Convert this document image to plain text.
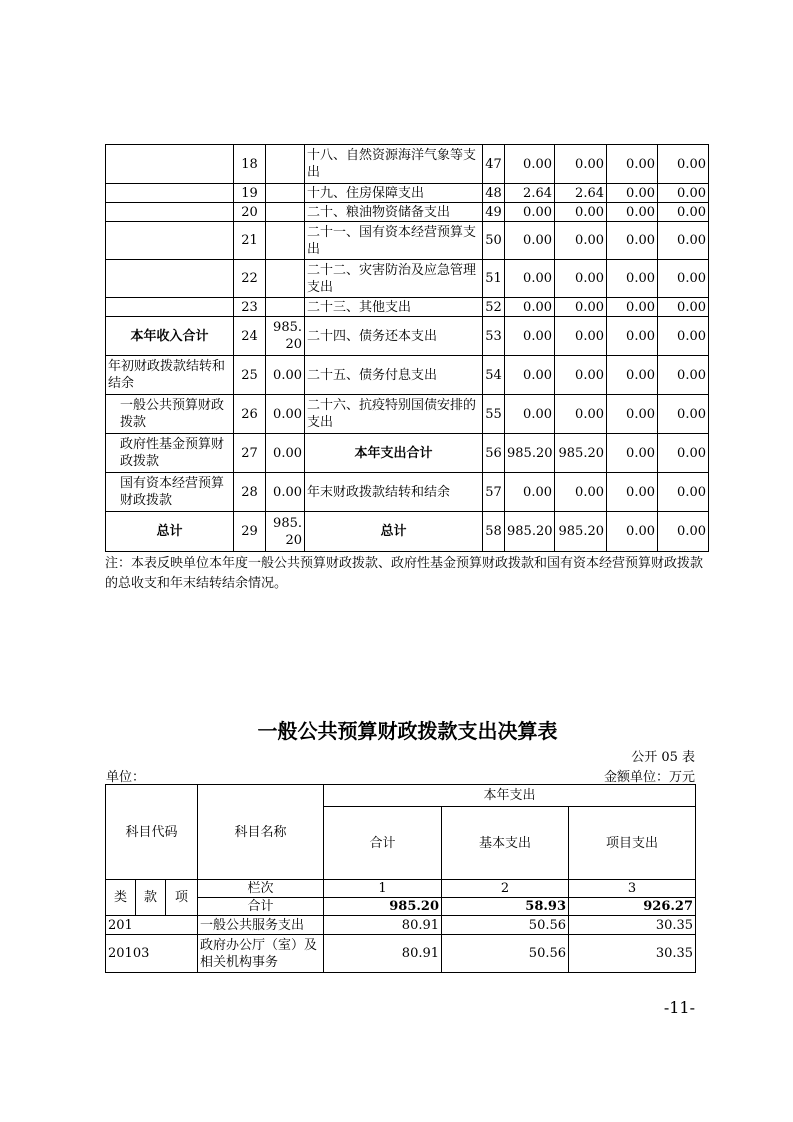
	18		十八、自然资源海洋气象等支出	47	0.00	0.00	0.00	0.00
	19		十九、住房保障支出	48	2.64	2.64	0.00	0.00
	20		二十、粮油物资储备支出	49	0.00	0.00	0.00	0.00
	21		二十一、国有资本经营预算支出	50	0.00	0.00	0.00	0.00
	22		二十二、灾害防治及应急管理支出	51	0.00	0.00	0.00	0.00
	23		二十三、其他支出	52	0.00	0.00	0.00	0.00
本年收入合计	24	985.20	二十四、债务还本支出	53	0.00	0.00	0.00	0.00
年初财政拨款结转和结余	25	0.00	二十五、债务付息支出	54	0.00	0.00	0.00	0.00
一般公共预算财政拨款	26	0.00	二十六、抗疫特别国债安排的支出	55	0.00	0.00	0.00	0.00
政府性基金预算财政拨款	27	0.00	本年支出合计	56	985.20	985.20	0.00	0.00
国有资本经营预算财政拨款	28	0.00	年末财政拨款结转和结余	57	0.00	0.00	0.00	0.00
总计	29	985.20	总计	58	985.20	985.20	0.00	0.00
注：本表反映单位本年度一般公共预算财政拨款、政府性基金预算财政拨款和国有资本经营预算财政拨款的总收支和年末结转结余情况。
一般公共预算财政拨款支出决算表
公开 05 表
单位：	金额单位：万元
科目代码			科目名称	本年支出		
				合计	基本支出	项目支出
类	款	项	栏次	1	2	3
			合计	985.20	58.93	926.27
201			一般公共服务支出	80.91	50.56	30.35
20103			政府办公厅（室）及相关机构事务	80.91	50.56	30.35
-11-
